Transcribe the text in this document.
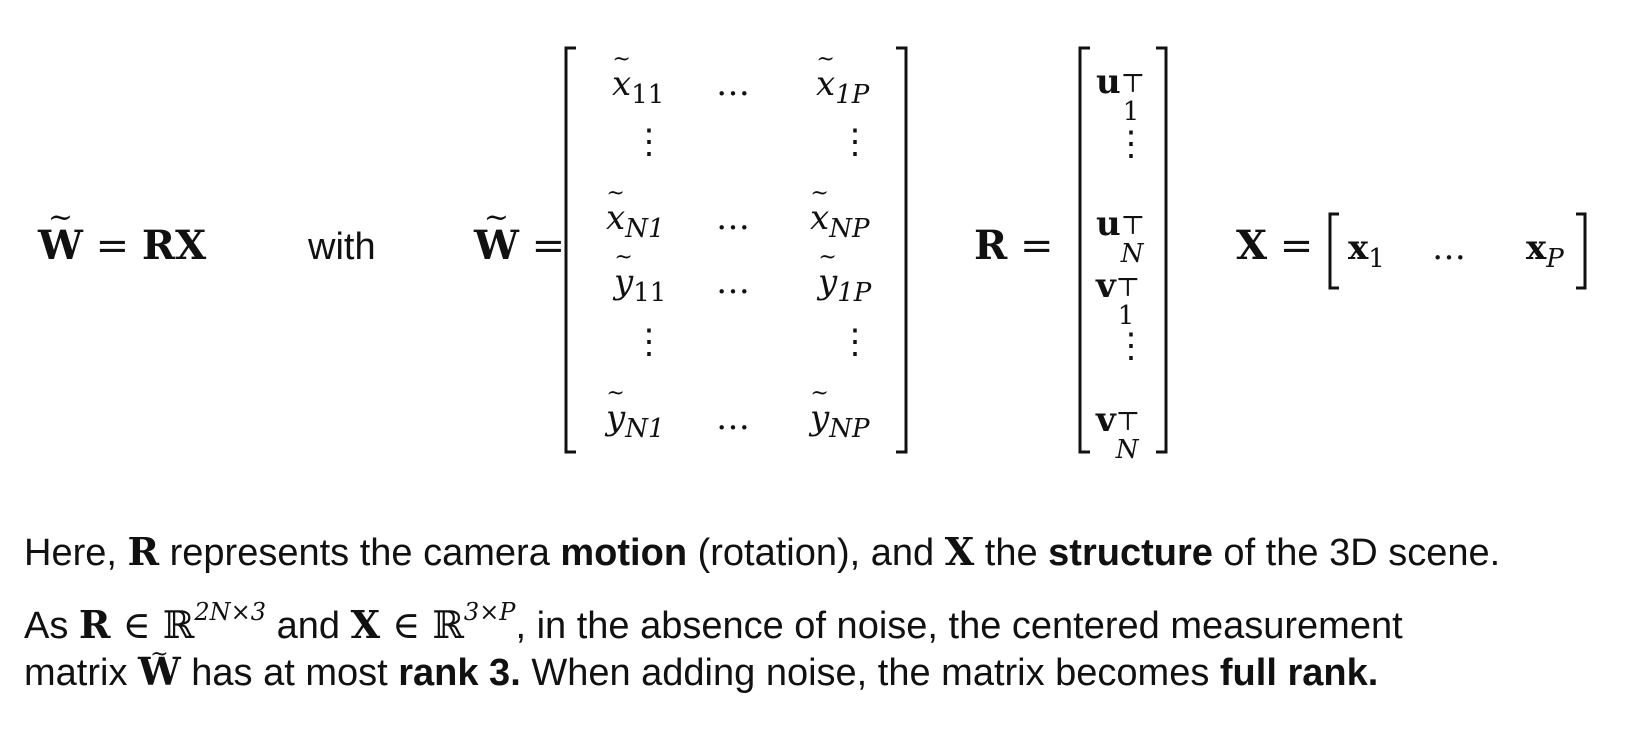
~ W = RX	with ~ W =
~ $x_{11}$ … ~ $x_{1P}$
⋮	⋮
~ $x_{N1}$ … ~ $x_{NP}$
~ $y_{11}$ … ~ $y_{1P}$
⋮	⋮
~ $y_{N1}$ … ~ $y_{NP}$
R =
u ⊤
1
⋮
u ⊤
N
v ⊤
1
⋮
v ⊤
N
$X = x_1$ … $x_P$
Here, R represents the camera motion (rotation), and X the structure of the 3D scene.
As R ∈ ℝ$^{2N\times 3}$ and X ∈ ℝ$^{3\times P}$, in the absence of noise, the centered measurement
matrix ~ W has at most rank 3. When adding noise, the matrix becomes full rank.
